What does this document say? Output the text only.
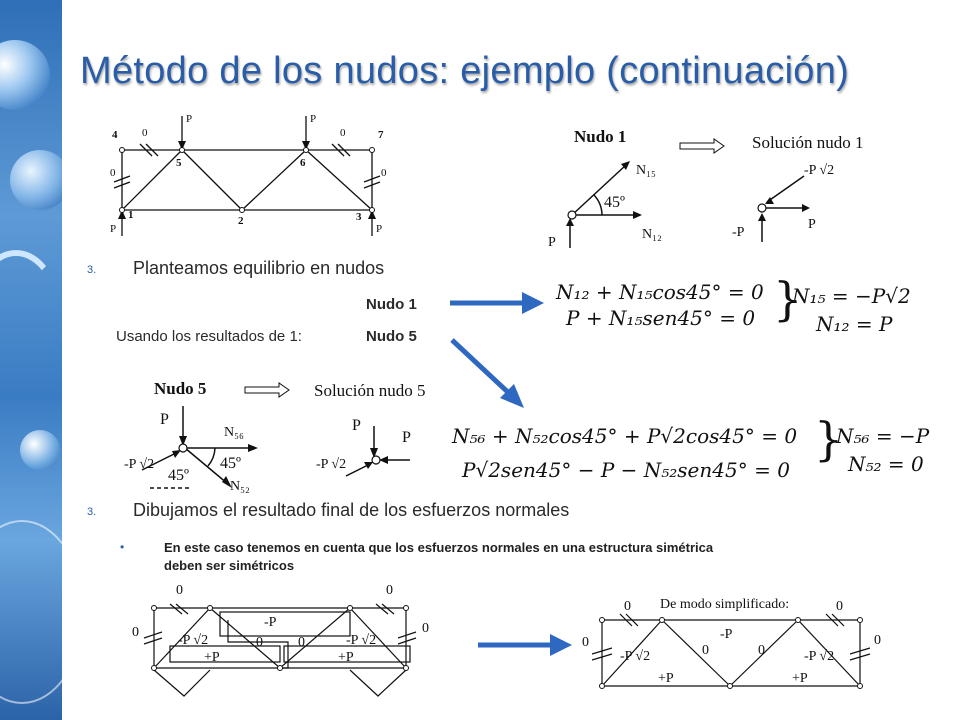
Método de los nudos: ejemplo (continuación)
4
5	6
7
1	2	3
0	0
0	0
P	P
P	P
Nudo 1
N₁₅
N₁₂
45º
P
Solución nudo 1
-P √2
P
-P
3. Planteamos equilibrio en nudos
Nudo 1
Usando los resultados de 1:	Nudo 5
N₁₂ + N₁₅cos45° = 0
P + N₁₅sen45° = 0 }
N₁₅ = −P√2
N₁₂ = P
Nudo 5
P
N₅₆
N₅₂
-P √2	45º
45º
Solución nudo 5
P
P
-P √2
N₅₆ + N₅₂cos45° + P√2cos45° = 0
P√2sen45° − P − N₅₂sen45° = 0
}
N₅₆ = −P
N₅₂ = 0
3. Dibujamos el resultado final de los esfuerzos normales
•	En este caso tenemos en cuenta que los esfuerzos normales en una estructura simétrica
deben ser simétricos
0	0
0	0
-P
-P √2	-P √2
0	0
+P	+P
De modo simplificado:
0	0
0	0
-P
-P √2	-P √2
0	0
+P	+P
